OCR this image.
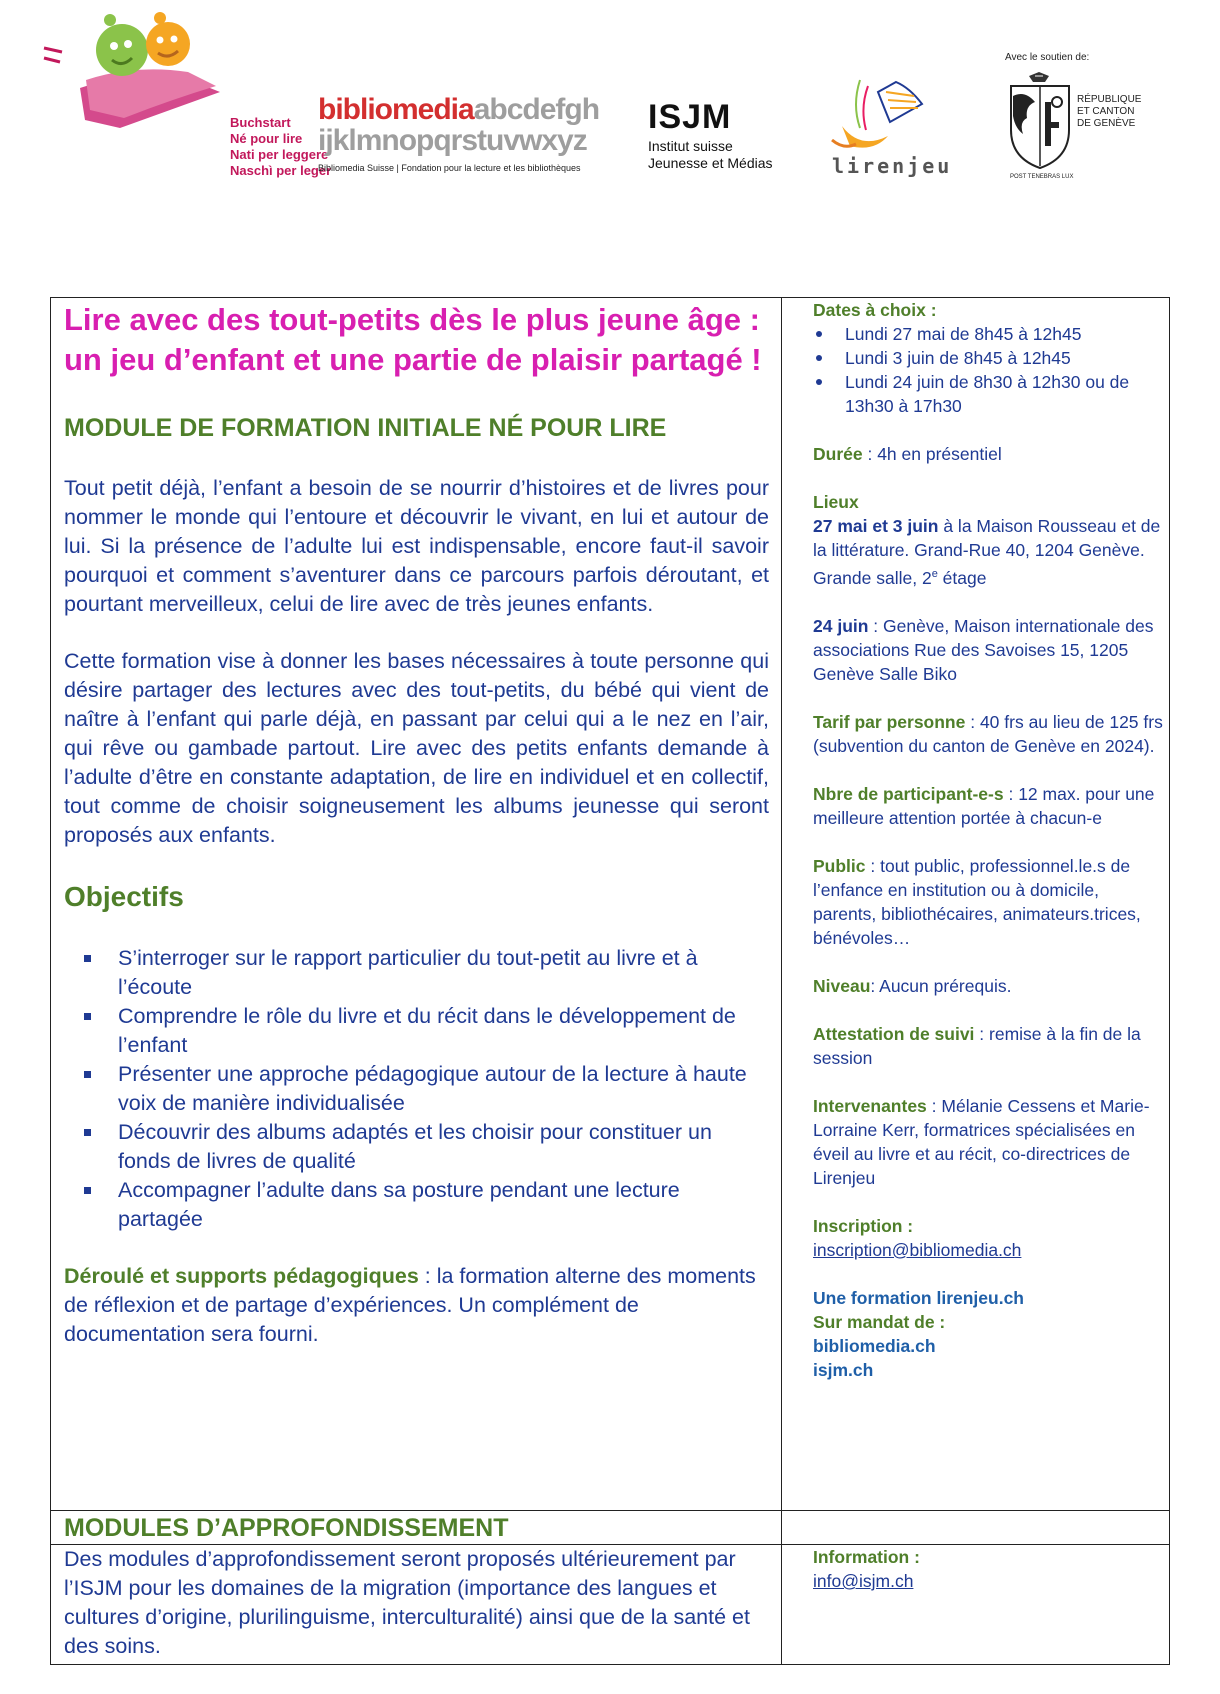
Buchstart
Né pour lire
Nati per leggere
Naschì per leger
bibliomediaabcdefgh
ijklmnopqrstuvwxyz
Bibliomedia Suisse | Fondation pour la lecture et les bibliothèques
ISJM
Institut suisse
Jeunesse et Médias	lirenjeu
Avec le soutien de:
RÉPUBLIQUE
ET CANTON
DE GENÈVE
POST TENEBRAS LUX
Lire avec des tout-petits dès le plus jeune âge : un jeu d’enfant et une partie de plaisir partagé !
MODULE DE FORMATION INITIALE NÉ POUR LIRE
Tout petit déjà, l’enfant a besoin de se nourrir d’histoires et de livres pour nommer le monde qui l’entoure et découvrir le vivant, en lui et autour de lui. Si la présence de l’adulte lui est indispensable, encore faut-il savoir pourquoi et comment s’aventurer dans ce parcours parfois déroutant, et pourtant merveilleux, celui de lire avec de très jeunes enfants.
Cette formation vise à donner les bases nécessaires à toute personne qui désire partager des lectures avec des tout-petits, du bébé qui vient de naître à l’enfant qui parle déjà, en passant par celui qui a le nez en l’air, qui rêve ou gambade partout. Lire avec des petits enfants demande à l’adulte d’être en constante adaptation, de lire en individuel et en collectif, tout comme de choisir soigneusement les albums jeunesse qui seront proposés aux enfants.
Objectifs
S’interroger sur le rapport particulier du tout-petit au livre et à l’écoute
Comprendre le rôle du livre et du récit dans le développement de l’enfant
Présenter une approche pédagogique autour de la lecture à haute voix de manière individualisée
Découvrir des albums adaptés et les choisir pour constituer un fonds de livres de qualité
Accompagner l’adulte dans sa posture pendant une lecture partagée
Déroulé et supports pédagogiques : la formation alterne des moments de réflexion et de partage d’expériences. Un complément de documentation sera fourni.
Dates à choix :
Lundi 27 mai de 8h45 à 12h45
Lundi 3 juin de 8h45 à 12h45
Lundi 24 juin de 8h30 à 12h30 ou de 13h30 à 17h30
Durée : 4h en présentiel
Lieux
27 mai et 3 juin à la Maison Rousseau et de la littérature. Grand-Rue 40, 1204 Genève. Grande salle, 2e étage
24 juin : Genève, Maison internationale des associations Rue des Savoises 15, 1205 Genève Salle Biko
Tarif par personne : 40 frs au lieu de 125 frs (subvention du canton de Genève en 2024).
Nbre de participant-e-s : 12 max. pour une meilleure attention portée à chacun-e
Public : tout public, professionnel.le.s de l’enfance en institution ou à domicile, parents, bibliothécaires, animateurs.trices, bénévoles…
Niveau: Aucun prérequis.
Attestation de suivi : remise à la fin de la session
Intervenantes : Mélanie Cessens et Marie-Lorraine Kerr, formatrices spécialisées en éveil au livre et au récit, co-directrices de Lirenjeu
Inscription :
inscription@bibliomedia.ch
Une formation lirenjeu.ch
Sur mandat de :
bibliomedia.ch
isjm.ch
MODULES D’APPROFONDISSEMENT
Des modules d’approfondissement seront proposés ultérieurement par l’ISJM pour les domaines de la migration (importance des langues et cultures d’origine, plurilinguisme, interculturalité) ainsi que de la santé et des soins.
Information :
info@isjm.ch
